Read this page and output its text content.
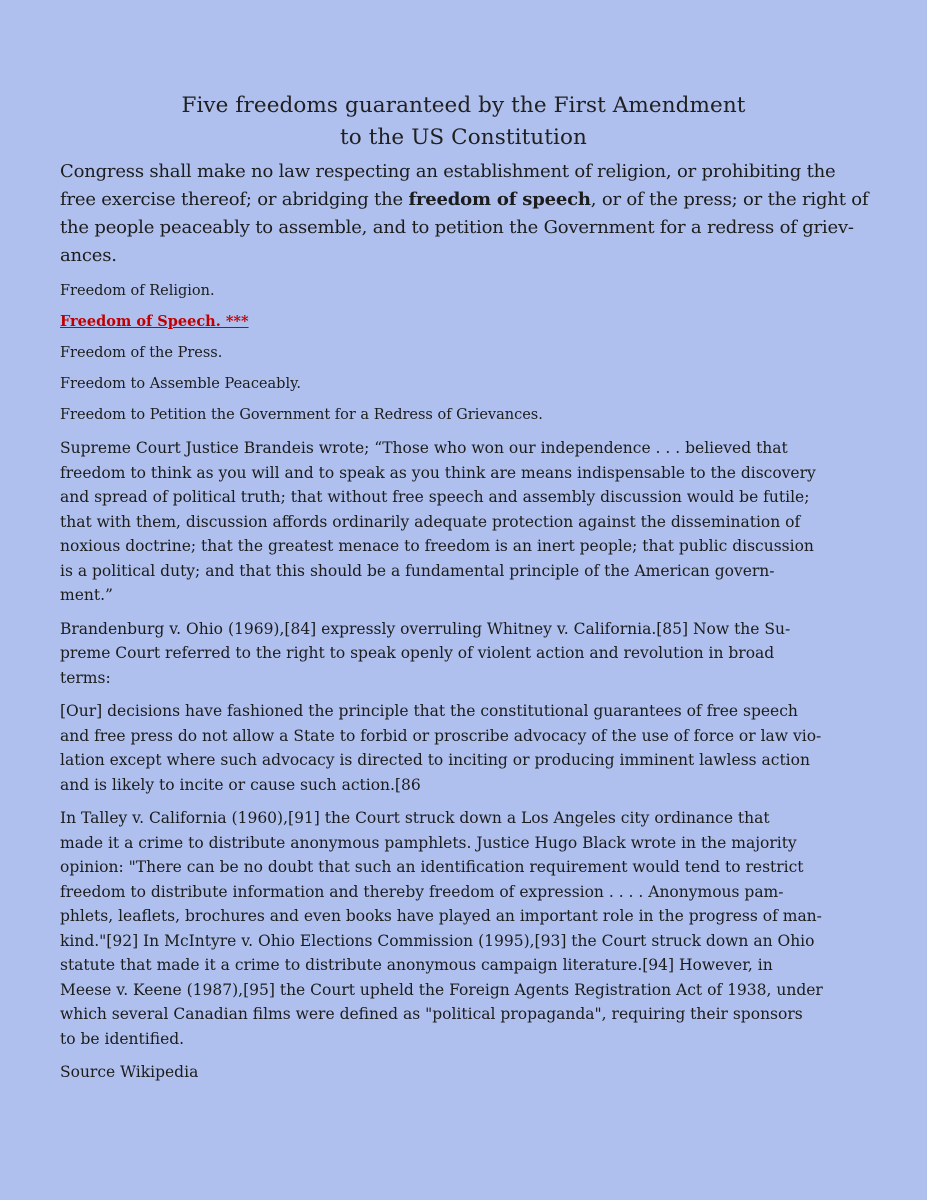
Five freedoms guaranteed by the First Amendment
to the US Constitution
Congress shall make no law respecting an establishment of religion, or prohibiting the
free exercise thereof; or abridging the freedom of speech, or of the press; or the right of
the people peaceably to assemble, and to petition the Government for a redress of griev-
ances.
Freedom of Religion.
Freedom of Speech. ***
Freedom of the Press.
Freedom to Assemble Peaceably.
Freedom to Petition the Government for a Redress of Grievances.
Supreme Court Justice Brandeis wrote; “Those who won our independence . . . believed that
freedom to think as you will and to speak as you think are means indispensable to the discovery
and spread of political truth; that without free speech and assembly discussion would be futile;
that with them, discussion affords ordinarily adequate protection against the dissemination of
noxious doctrine; that the greatest menace to freedom is an inert people; that public discussion
is a political duty; and that this should be a fundamental principle of the American govern-
ment.”
Brandenburg v. Ohio (1969),[84] expressly overruling Whitney v. California.[85] Now the Su-
preme Court referred to the right to speak openly of violent action and revolution in broad
terms:
[Our] decisions have fashioned the principle that the constitutional guarantees of free speech
and free press do not allow a State to forbid or proscribe advocacy of the use of force or law vio-
lation except where such advocacy is directed to inciting or producing imminent lawless action
and is likely to incite or cause such action.[86
In Talley v. California (1960),[91] the Court struck down a Los Angeles city ordinance that
made it a crime to distribute anonymous pamphlets. Justice Hugo Black wrote in the majority
opinion: "There can be no doubt that such an identification requirement would tend to restrict
freedom to distribute information and thereby freedom of expression . . . . Anonymous pam-
phlets, leaflets, brochures and even books have played an important role in the progress of man-
kind."[92] In McIntyre v. Ohio Elections Commission (1995),[93] the Court struck down an Ohio
statute that made it a crime to distribute anonymous campaign literature.[94] However, in
Meese v. Keene (1987),[95] the Court upheld the Foreign Agents Registration Act of 1938, under
which several Canadian films were defined as "political propaganda", requiring their sponsors
to be identified.
Source Wikipedia
